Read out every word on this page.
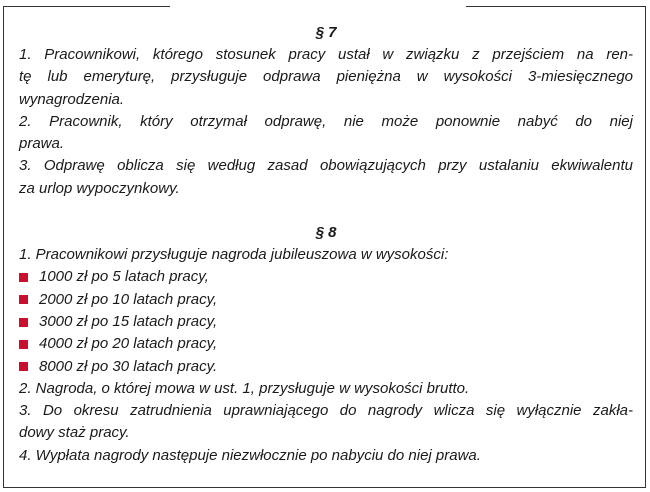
§ 7
1. Pracownikowi, którego stosunek pracy ustał w związku z przejściem na ren-
tę lub emeryturę, przysługuje odprawa pieniężna w wysokości 3-miesięcznego
wynagrodzenia.
2. Pracownik, który otrzymał odprawę, nie może ponownie nabyć do niej
prawa.
3. Odprawę oblicza się według zasad obowiązujących przy ustalaniu ekwiwalentu
za urlop wypoczynkowy.
§ 8
1. Pracownikowi przysługuje nagroda jubileuszowa w wysokości:
1000 zł po 5 latach pracy,
2000 zł po 10 latach pracy,
3000 zł po 15 latach pracy,
4000 zł po 20 latach pracy,
8000 zł po 30 latach pracy.
2. Nagroda, o której mowa w ust. 1, przysługuje w wysokości brutto.
3. Do okresu zatrudnienia uprawniającego do nagrody wlicza się wyłącznie zakła-
dowy staż pracy.
4. Wypłata nagrody następuje niezwłocznie po nabyciu do niej prawa.
